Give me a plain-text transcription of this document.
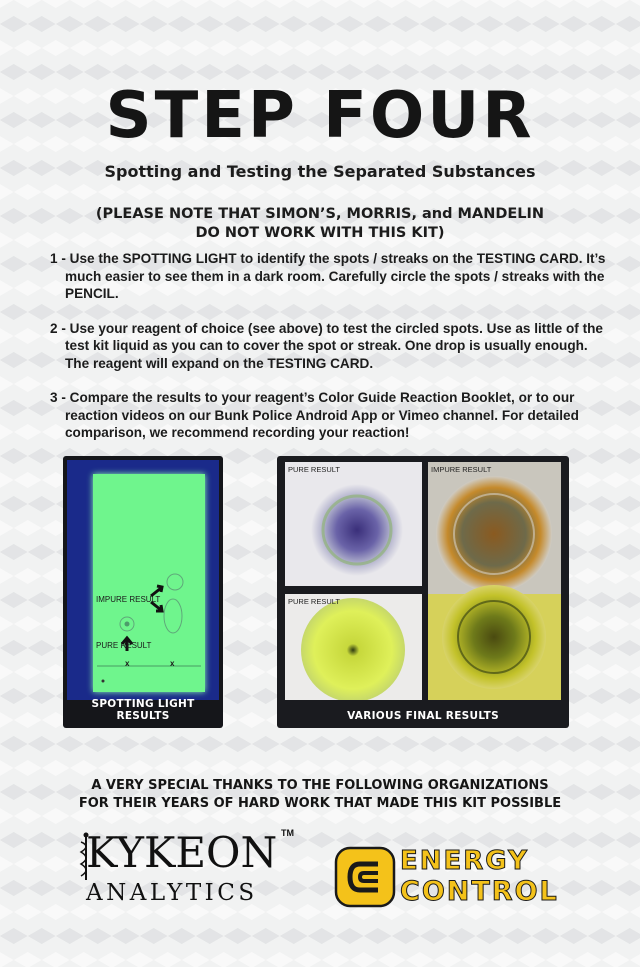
STEP FOUR
Spotting and Testing the Separated Substances
(PLEASE NOTE THAT SIMON’S, MORRIS, and MANDELIN
DO NOT WORK WITH THIS KIT)
1 - Use the SPOTTING LIGHT to identify the spots / streaks on the TESTING CARD. It’s much easier to see them in a dark room. Carefully circle the spots / streaks with the PENCIL.
2 - Use your reagent of choice (see above) to test the circled spots. Use as little of the test kit liquid as you can to cover the spot or streak. One drop is usually enough. The reagent will expand on the TESTING CARD.
3 - Compare the results to your reagent’s Color Guide Reaction Booklet, or to our reaction videos on our Bunk Police Android App or Vimeo channel. For detailed comparison, we recommend recording your reaction!
IMPURE RESULT
PURE RESULT
x	x
SPOTTING LIGHT RESULTS
PURE RESULT
PURE RESULT
IMPURE RESULT
VARIOUS FINAL RESULTS
A VERY SPECIAL THANKS TO THE FOLLOWING ORGANIZATIONS
FOR THEIR YEARS OF HARD WORK THAT MADE THIS KIT POSSIBLE
KYKEON
ANALYTICS
TM
ENERGY
CONTROL
